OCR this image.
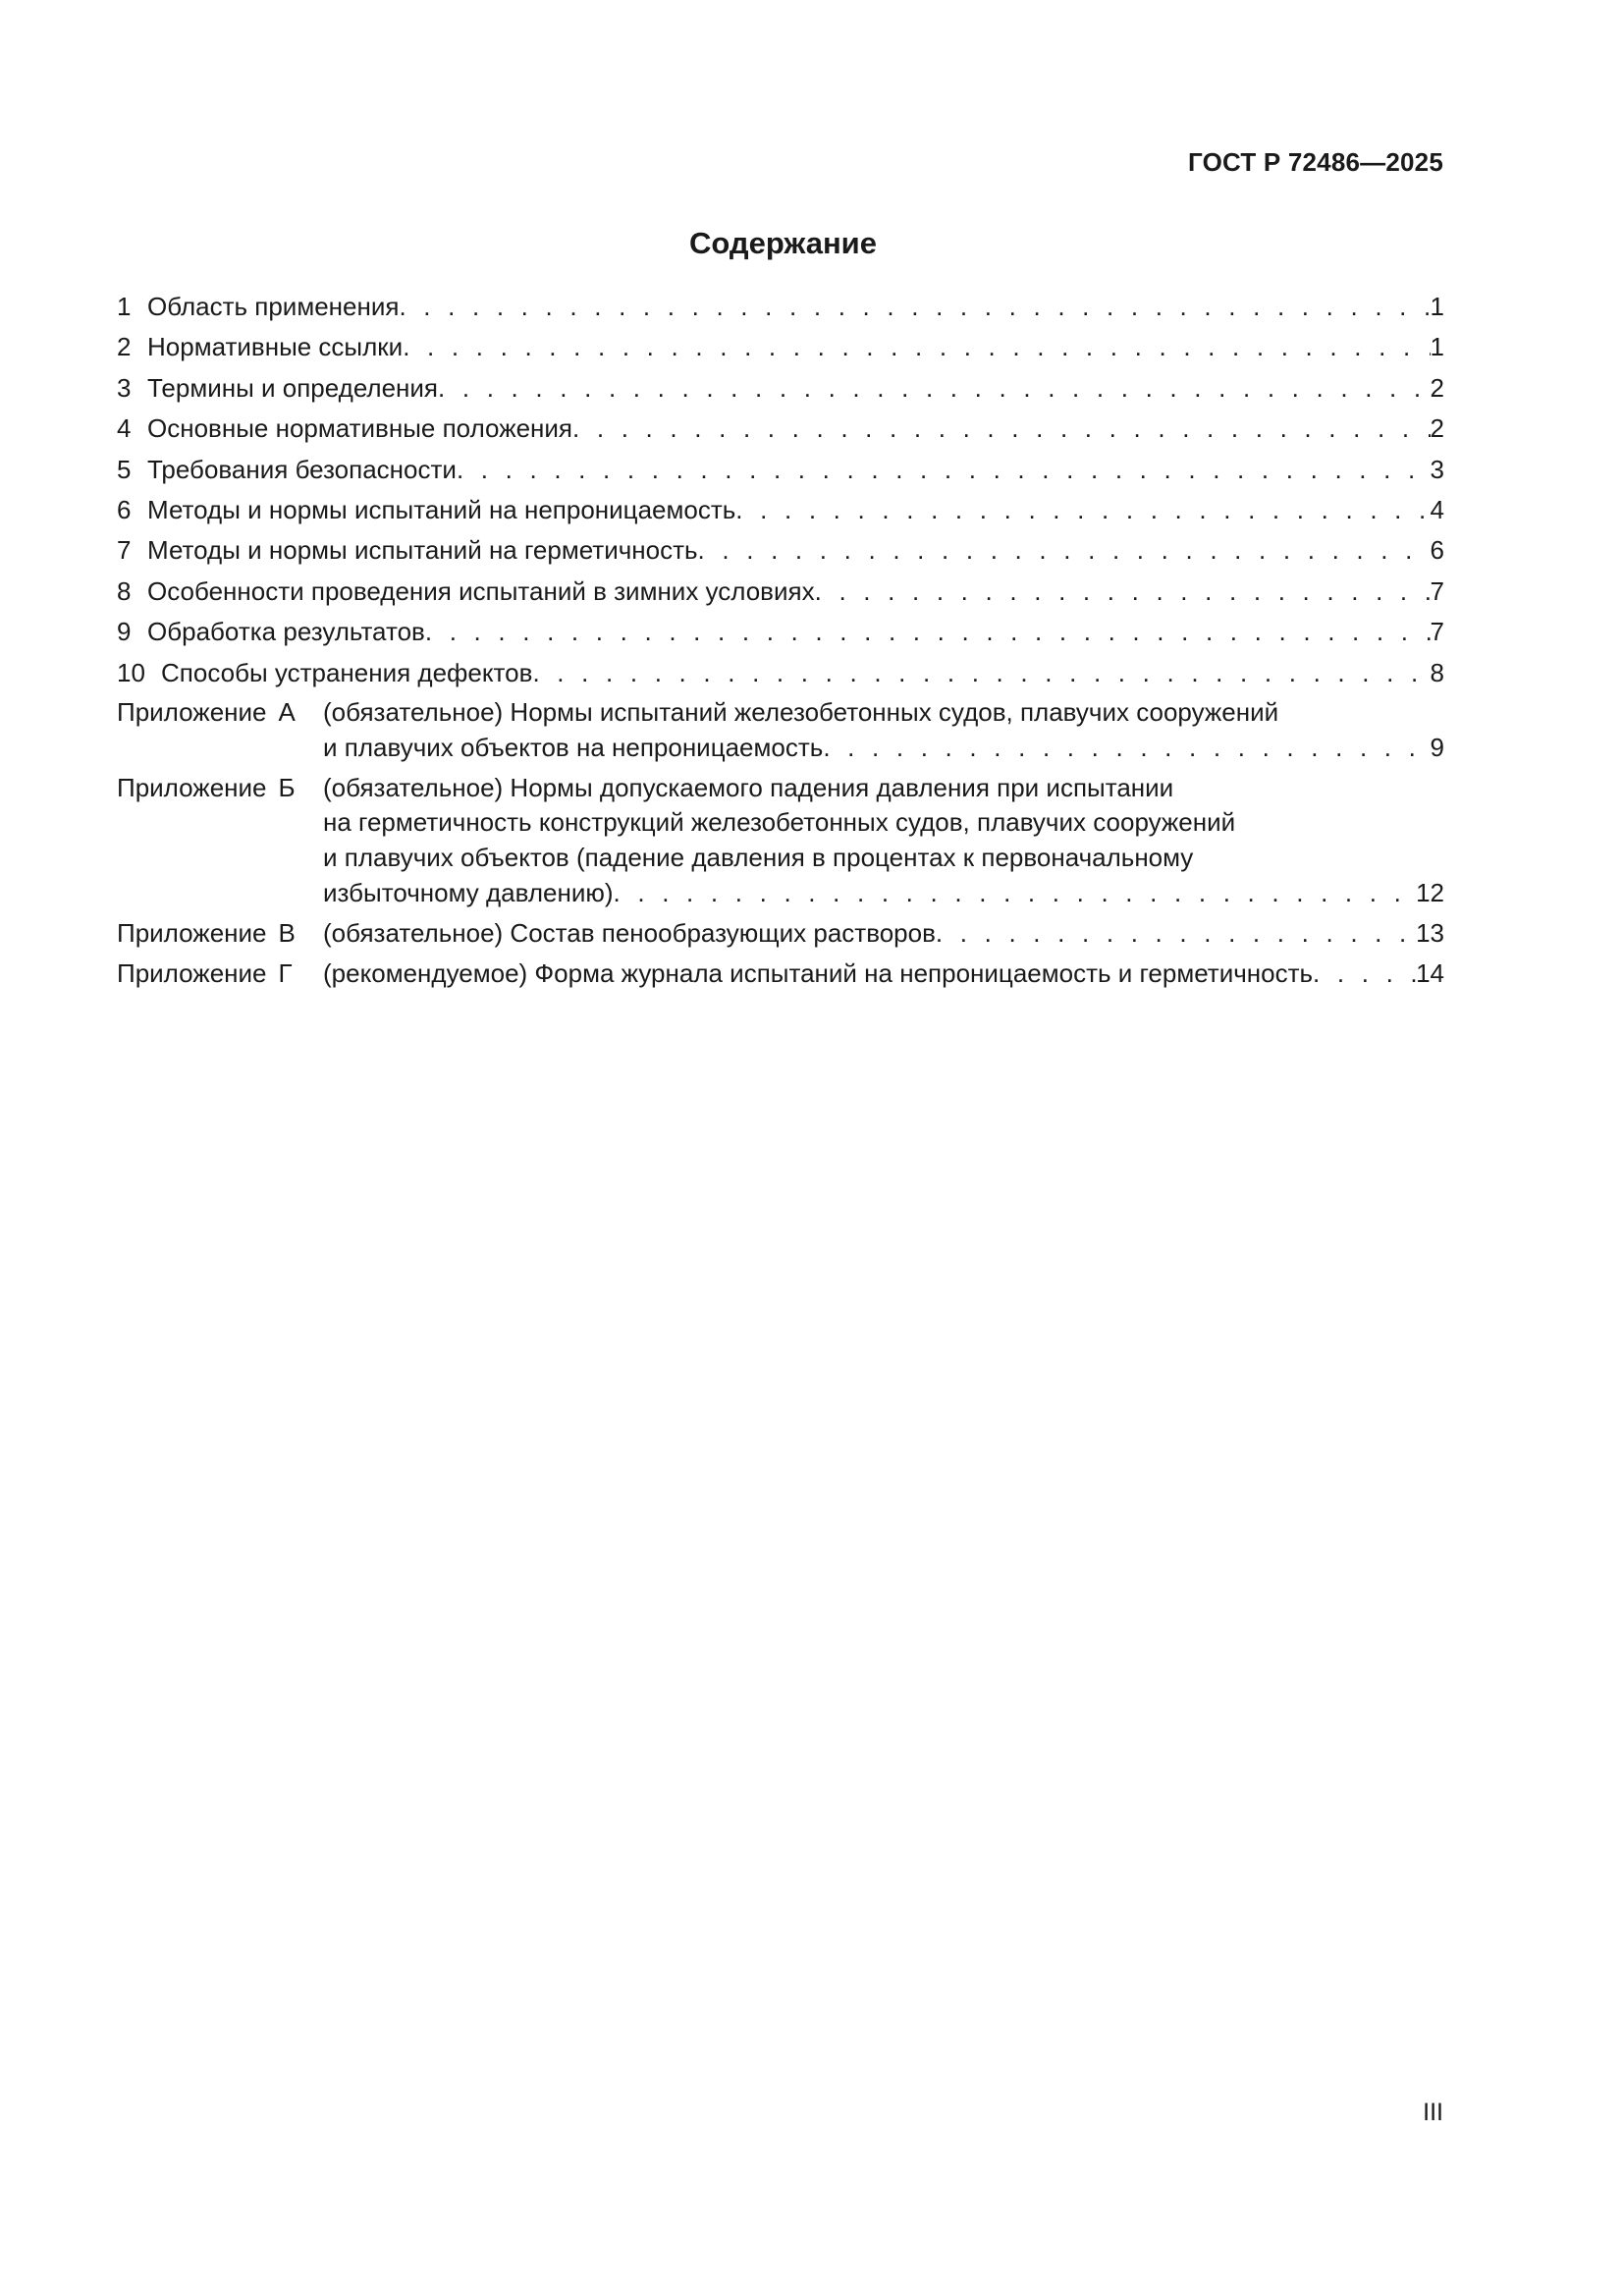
ГОСТ Р 72486—2025
Содержание
1 Область применения . . .	1
2 Нормативные ссылки . . .	1
3 Термины и определения . . .	2
4 Основные нормативные положения . . .	2
5 Требования безопасности . . .	3
6 Методы и нормы испытаний на непроницаемость . . .	4
7 Методы и нормы испытаний на герметичность . . .	6
8 Особенности проведения испытаний в зимних условиях . . .	7
9 Обработка результатов . . .	7
10 Способы устранения дефектов . . .	8
Приложение А	(обязательное) Нормы испытаний железобетонных судов, плавучих сооружений
и плавучих объектов на непроницаемость . . .	9
Приложение Б	(обязательное) Нормы допускаемого падения давления при испытании
на герметичность конструкций железобетонных судов, плавучих сооружений
и плавучих объектов (падение давления в процентах к первоначальному
избыточному давлению) . . .	12
Приложение В	(обязательное) Состав пенообразующих растворов . . .	13
Приложение Г	(рекомендуемое) Форма журнала испытаний на непроницаемость и герметичность . . .	14
III
